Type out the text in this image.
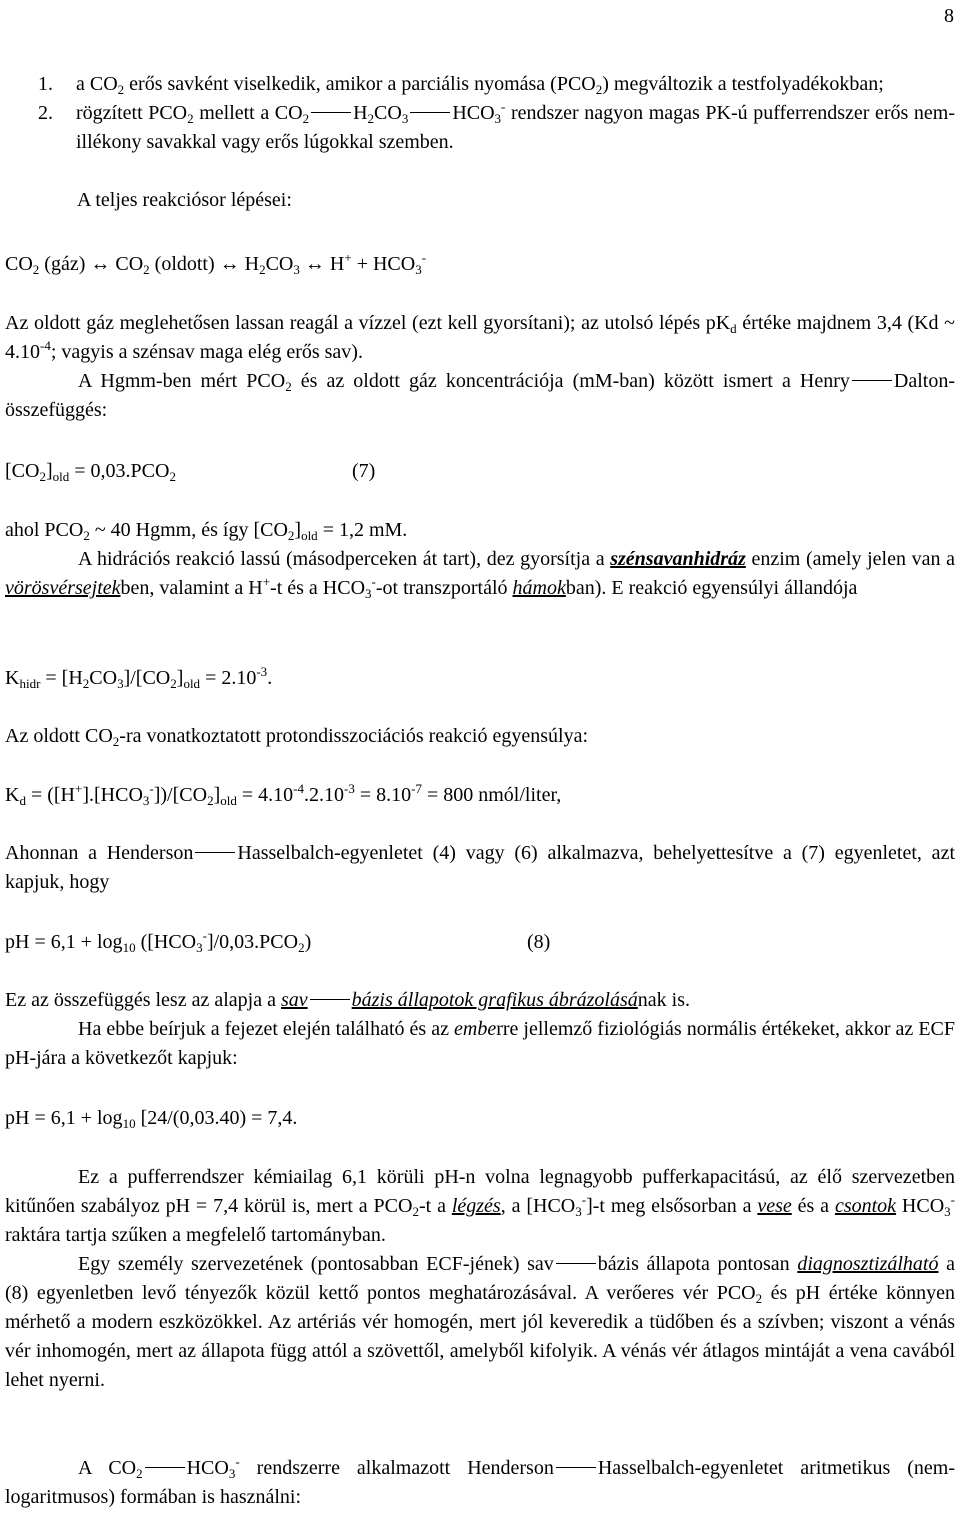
8
1. a $CO_2$ erős savként viselkedik, amikor a parciális nyomása $(PCO_2)$ megváltozik a testfolyadékokban;
2. rögzített $PCO_2$ mellett a $CO_2$ $H_2CO_3$ $HCO_3^-$ rendszer nagyon magas PK-ú pufferrendszer erős nem-illékony savakkal vagy erős lúgokkal szemben.
A teljes reakciósor lépései:
$CO_2$ (gáz) ↔ $CO_2$ (oldott) ↔ $H_2CO_3$ ↔ $H^+ + HCO_3^-$
Az oldott gáz meglehetősen lassan reagál a vízzel (ezt kell gyorsítani); az utolsó lépés $pK_d$ értéke majdnem 3,4 (Kd ~ $4.10^{-4}$; vagyis a szénsav maga elég erős sav).
A Hgmm-ben mért $PCO_2$ és az oldott gáz koncentrációja (mM-ban) között ismert a Henry Dalton-összefüggés:
$[CO_2]_{old} = 0,03.PCO_2$	(7)
ahol $PCO_2$ ~ 40 Hgmm, és így $[CO_2]_{old} = 1,2$ mM.
A hidrációs reakció lassú (másodperceken át tart), dez gyorsítja a szénsavanhidráz enzim (amely jelen van a vörösvérsejtekben, valamint a H+-t és a $HCO_3^--ot$ transzportáló hámokban). E reakció egyensúlyi állandója
$K_{hidr} = [H_2CO_3]/[CO_2]_{old} = 2.10^{-3}$.
Az oldott $CO_2-ra$ vonatkoztatott protondisszociációs reakció egyensúlya:
$K_d = ([H^+].[HCO_3^-])/[CO_2]_{old} = 4.10^{-4}.2.10^{-3} = 8.10^{-7} = 800$ nmól/liter,
Ahonnan a Henderson Hasselbalch-egyenletet (4) vagy (6) alkalmazva, behelyettesítve a (7) egyenletet, azt kapjuk, hogy
pH = $6,1 + \log_{10} ([HCO_3^-]/0,03.PCO_2)$	(8)
Ez az összefüggés lesz az alapja a sav bázis állapotok grafikus ábrázolásának is.
Ha ebbe beírjuk a fejezet elején található és az emberre jellemző fiziológiás normális értékeket, akkor az ECF pH-jára a következőt kapjuk:
pH = $6,1 + \log_{10} [24/(0,03.40) = 7,4$.
Ez a pufferrendszer kémiailag 6,1 körüli pH-n volna legnagyobb pufferkapacitású, az élő szervezetben kitűnően szabályoz pH = 7,4 körül is, mert a $PCO_2-t$ a légzés, a $[HCO_3^-]-t$ meg elsősorban a vese és a csontok $HCO_3^-$ raktára tartja szűken a megfelelő tartományban.
Egy személy szervezetének (pontosabban ECF-jének) sav bázis állapota pontosan diagnosztizálható a (8) egyenletben levő tényezők közül kettő pontos meghatározásával. A verőeres vér $PCO_2$ és pH értéke könnyen mérhető a modern eszközökkel. Az artériás vér homogén, mert jól keveredik a tüdőben és a szívben; viszont a vénás vér inhomogén, mert az állapota függ attól a szövettől, amelyből kifolyik. A vénás vér átlagos mintáját a vena cavából lehet nyerni.
A $CO_2$ $HCO_3^-$ rendszerre alkalmazott Henderson Hasselbalch-egyenletet aritmetikus (nem-logaritmusos) formában is használni:
